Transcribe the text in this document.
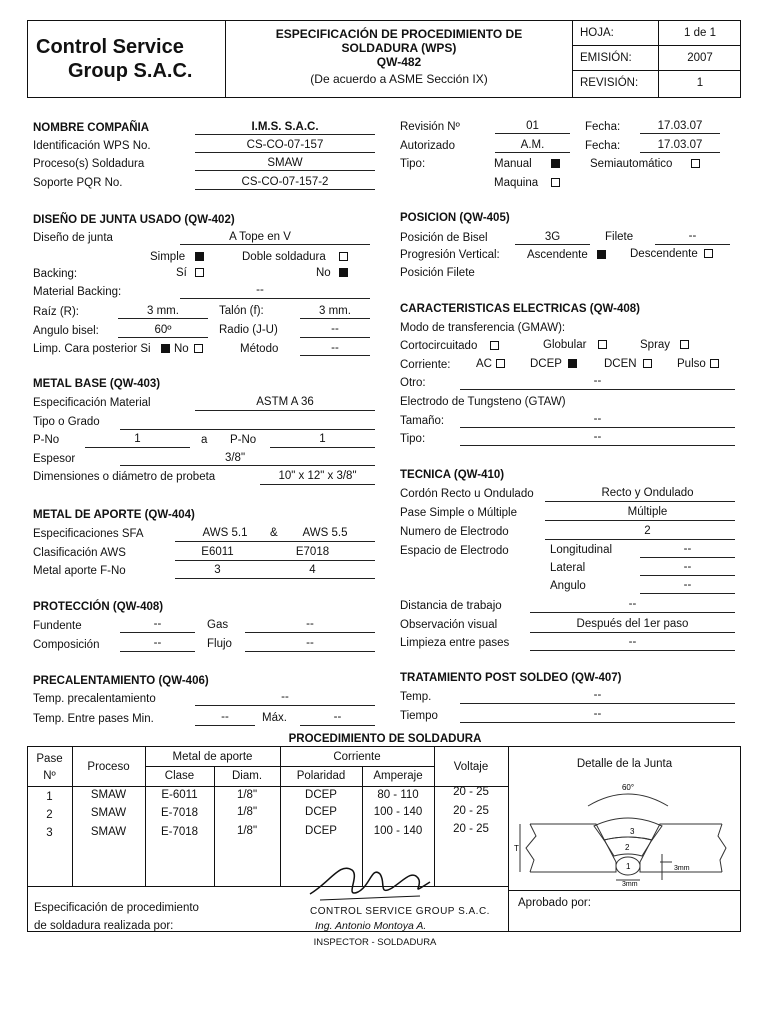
Control Service
Group S.A.C.
ESPECIFICACIÓN DE PROCEDIMIENTO DE
SOLDADURA (WPS)
QW-482
(De acuerdo a ASME Sección IX)
HOJA:	1 de 1
EMISIÓN:	2007
REVISIÓN:	1
NOMBRE COMPAÑIA	I.M.S. S.A.C.
Identificación WPS No.	CS-CO-07-157
Proceso(s) Soldadura	SMAW
Soporte PQR No.	CS-CO-07-157-2
Revisión Nº	01	Fecha:	17.03.07
Autorizado	A.M.	Fecha:	17.03.07
Tipo:	Manual	Semiautomático
Maquina
DISEÑO DE JUNTA USADO (QW-402)
Diseño de junta	A Tope en V
Simple	Doble soldadura
Backing:	Sí	No
Material Backing:	--
Raíz (R):	3 mm.	Talón (f):	3 mm.
Angulo bisel:	60º	Radio (J-U)	--
Limp. Cara posterior Si No	Método	--
POSICION (QW-405)
Posición de Bisel	3G	Filete	--
Progresión Vertical: Ascendente	Descendente
Posición Filete
CARACTERISTICAS ELECTRICAS (QW-408)
Modo de transferencia (GMAW):
Cortocircuitado	Globular	Spray
Corriente: AC	DCEP	DCEN	Pulso
Otro:	--
Electrodo de Tungsteno (GTAW)
Tamaño:	--
Tipo:	--
METAL BASE (QW-403)
Especificación Material	ASTM A 36
Tipo o Grado
P-No	1	a P-No	1
Espesor	3/8"
Dimensiones o diámetro de probeta	10" x 12" x 3/8"	TECNICA (QW-410)
Cordón Recto u Ondulado	Recto y Ondulado
Pase Simple o Múltiple	Múltiple
Numero de Electrodo	2
Espacio de Electrodo	Longitudinal	--
Lateral	--
Angulo	--
Distancia de trabajo	--
Observación visual	Después del 1er paso
Limpieza entre pases	--
METAL DE APORTE (QW-404)
Especificaciones SFA	AWS 5.1	&	AWS 5.5
Clasificación AWS	E6011	E7018
Metal aporte F-No	3	4
PROTECCIÓN (QW-408)
Fundente	--	Gas	--
Composición	--	Flujo	--
PRECALENTAMIENTO (QW-406)
Temp. precalentamiento	--
Temp. Entre pases Min.	--	Máx.	--
TRATAMIENTO POST SOLDEO (QW-407)
Temp.	--
Tiempo	--
PROCEDIMIENTO DE SOLDADURA
Pase
Nº
Proceso
Metal de aporte
Clase	Diam.
Corriente
Polaridad	Amperaje
Voltaje	Detalle de la Junta
1	SMAW	E-6011	1/8"	DCEP	80 - 110	20 - 25
2	SMAW	E-7018	1/8"	DCEP	100 - 140	20 - 25
3	SMAW	E-7018	1/8"	DCEP	100 - 140	20 - 25
60°
T
3
2
1	3mm
3mm
Especificación de procedimiento
de soldadura realizada por:
Aprobado por:
CONTROL SERVICE GROUP S.A.C.
Ing. Antonio Montoya A.
INSPECTOR - SOLDADURA
